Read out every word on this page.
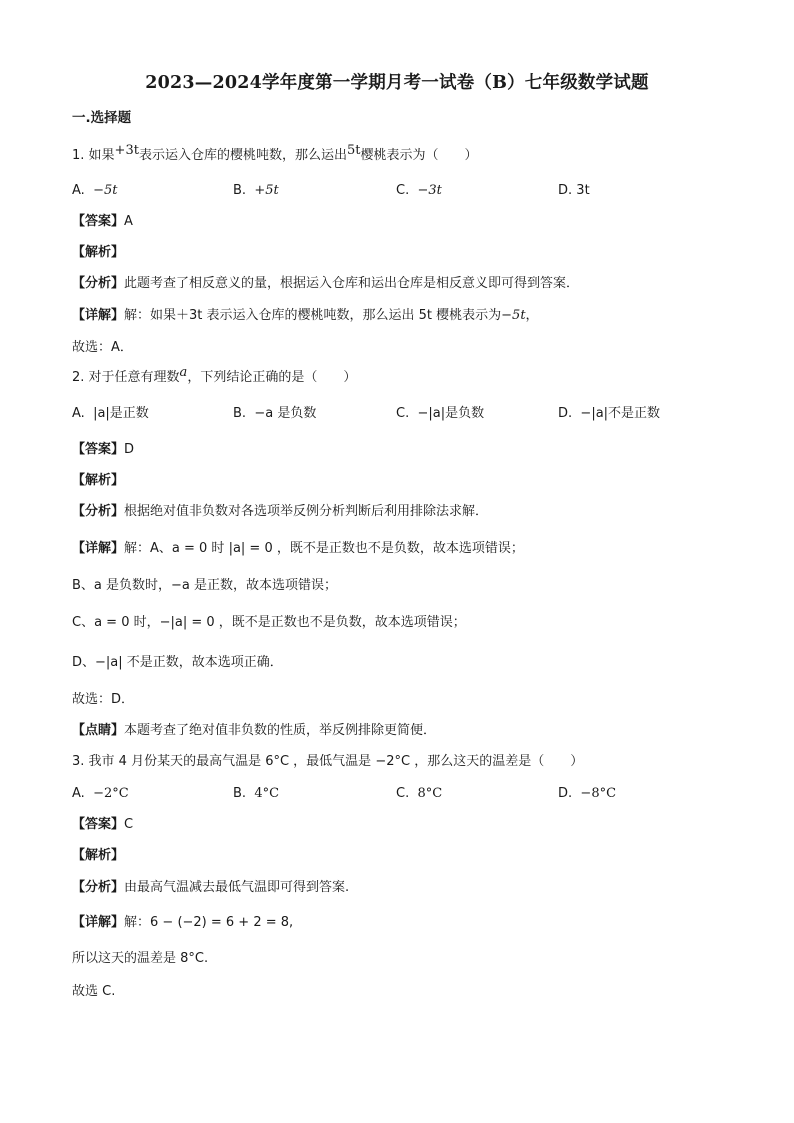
2023—2024学年度第一学期月考一试卷（B）七年级数学试题
一.选择题
1. 如果+3t表示运入仓库的樱桃吨数，那么运出5t樱桃表示为（　　）
A. −5t	B. +5t	C. −3t	D. 3t
【答案】A
【解析】
【分析】此题考查了相反意义的量，根据运入仓库和运出仓库是相反意义即可得到答案．
【详解】解：如果＋3t 表示运入仓库的樱桃吨数，那么运出 5t 樱桃表示为−5t，
故选：A．
2. 对于任意有理数a，下列结论正确的是（　　）
A. |a|是正数	B. −a 是负数	C. −|a|是负数	D. −|a|不是正数
【答案】D
【解析】
【分析】根据绝对值非负数对各选项举反例分析判断后利用排除法求解．
【详解】解：A、a = 0 时 |a| = 0 ，既不是正数也不是负数，故本选项错误；
B、a 是负数时，−a 是正数，故本选项错误；
C、a = 0 时，−|a| = 0 ，既不是正数也不是负数，故本选项错误；
D、−|a| 不是正数，故本选项正确．
故选：D．
【点睛】本题考查了绝对值非负数的性质，举反例排除更简便．
3. 我市 4 月份某天的最高气温是 6°C ，最低气温是 −2°C ，那么这天的温差是（　　）
A. −2°C	B. 4°C	C. 8°C	D. −8°C
【答案】C
【解析】
【分析】由最高气温减去最低气温即可得到答案.
【详解】解：6 − (−2) = 6 + 2 = 8,
所以这天的温差是 8°C.
故选 C.
